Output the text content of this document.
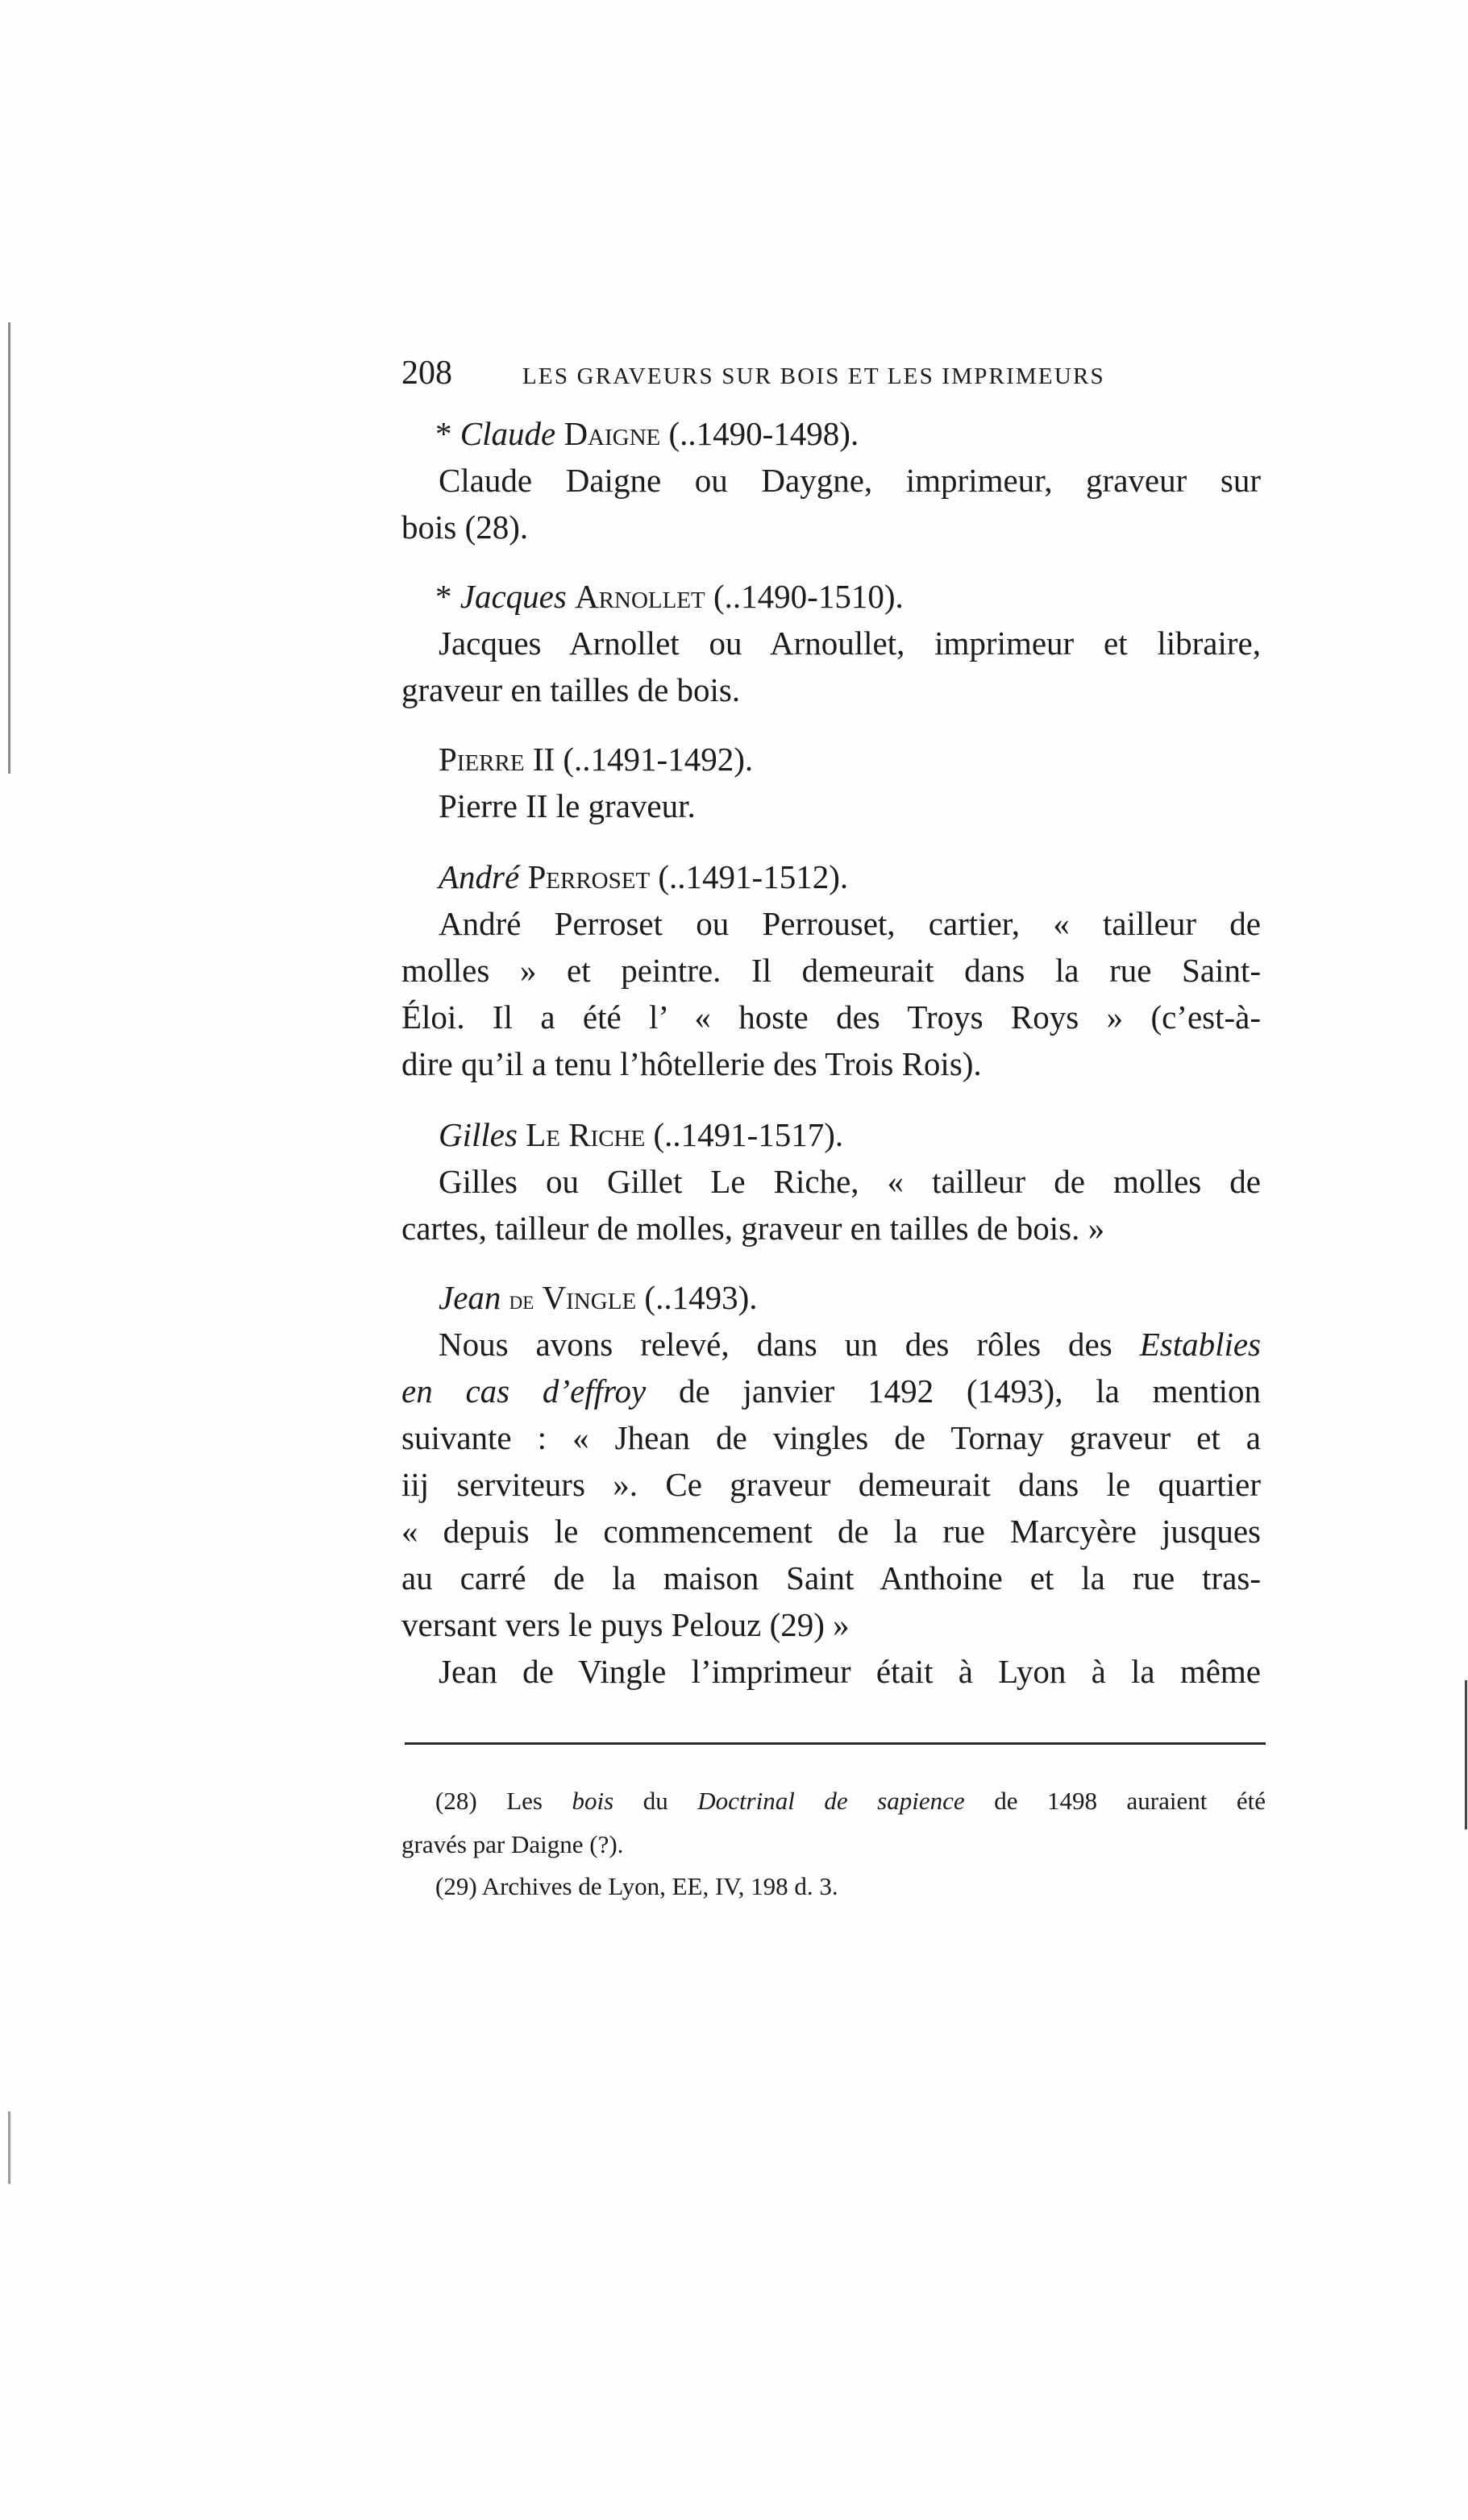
208	LES GRAVEURS SUR BOIS ET LES IMPRIMEURS
* Claude Daigne (..1490-1498).
Claude Daigne ou Daygne, imprimeur, graveur sur
bois (28).
* Jacques Arnollet (..1490-1510).
Jacques Arnollet ou Arnoullet, imprimeur et libraire,
graveur en tailles de bois.
Pierre II (..1491-1492).
Pierre II le graveur.
André Perroset (..1491-1512).
André Perroset ou Perrouset, cartier, « tailleur de
molles » et peintre. Il demeurait dans la rue Saint-
Éloi. Il a été l’ « hoste des Troys Roys » (c’est-à-
dire qu’il a tenu l’hôtellerie des Trois Rois).
Gilles Le Riche (..1491-1517).
Gilles ou Gillet Le Riche, « tailleur de molles de
cartes, tailleur de molles, graveur en tailles de bois. »
Jean de Vingle (..1493).
Nous avons relevé, dans un des rôles des Establies
en cas d’effroy de janvier 1492 (1493), la mention
suivante : « Jhean de vingles de Tornay graveur et a
iij serviteurs ». Ce graveur demeurait dans le quartier
« depuis le commencement de la rue Marcyère jusques
au carré de la maison Saint Anthoine et la rue tras-
versant vers le puys Pelouz (29) »
Jean de Vingle l’imprimeur était à Lyon à la même
(28) Les bois du Doctrinal de sapience de 1498 auraient été
gravés par Daigne (?).
(29) Archives de Lyon, EE, IV, 198 d. 3.
